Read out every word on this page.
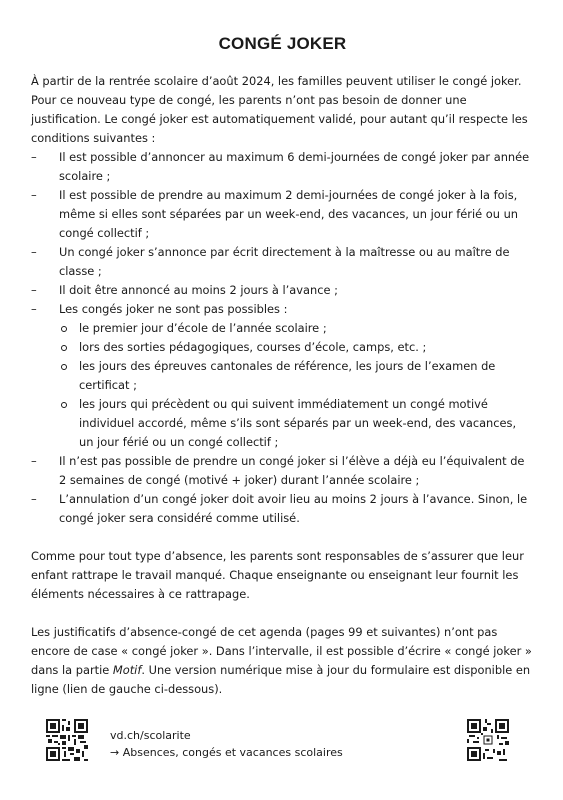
CONGÉ JOKER

À partir de la rentrée scolaire d’août 2024, les familles peuvent utiliser le congé joker. Pour ce nouveau type de congé, les parents n’ont pas besoin de donner une justification. Le congé joker est automatiquement validé, pour autant qu’il respecte les conditions suivantes :

– Il est possible d’annoncer au maximum 6 demi-journées de congé joker par année scolaire ;
– Il est possible de prendre au maximum 2 demi-journées de congé joker à la fois, même si elles sont séparées par un week-end, des vacances, un jour férié ou un congé collectif ;
– Un congé joker s’annonce par écrit directement à la maîtresse ou au maître de classe ;
– Il doit être annoncé au moins 2 jours à l’avance ;
– Les congés joker ne sont pas possibles :
le premier jour d’école de l’année scolaire ;
lors des sorties pédagogiques, courses d’école, camps, etc. ;
les jours des épreuves cantonales de référence, les jours de l’examen de certificat ;
les jours qui précèdent ou qui suivent immédiatement un congé motivé individuel accordé, même s’ils sont séparés par un week-end, des vacances, un jour férié ou un congé collectif ;
– Il n’est pas possible de prendre un congé joker si l’élève a déjà eu l’équivalent de 2 semaines de congé (motivé + joker) durant l’année scolaire ;
– L’annulation d’un congé joker doit avoir lieu au moins 2 jours à l’avance. Sinon, le congé joker sera considéré comme utilisé.

Comme pour tout type d’absence, les parents sont responsables de s’assurer que leur enfant rattrape le travail manqué. Chaque enseignante ou enseignant leur fournit les éléments nécessaires à ce rattrapage.

Les justificatifs d’absence-congé de cet agenda (pages 99 et suivantes) n’ont pas encore de case « congé joker ». Dans l’intervalle, il est possible d’écrire « congé joker » dans la partie Motif. Une version numérique mise à jour du formulaire est disponible en ligne (lien de gauche ci-dessous).

vd.ch/scolarite
→ Absences, congés et vacances scolaires
